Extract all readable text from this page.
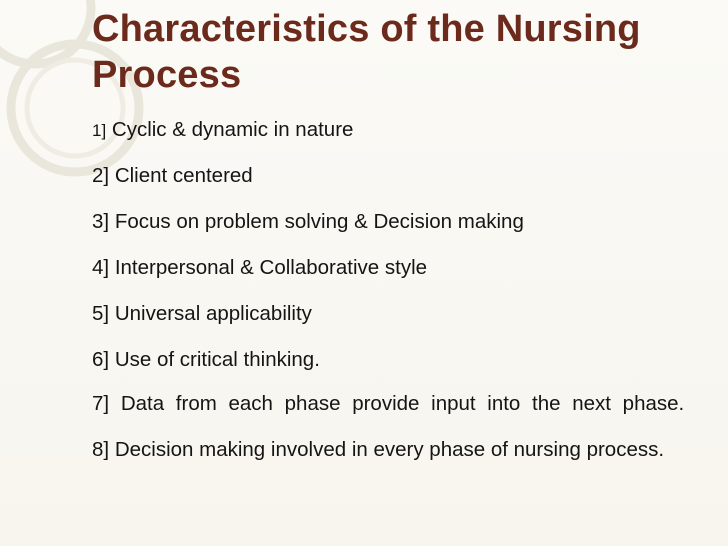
Characteristics of the Nursing Process
1] Cyclic & dynamic in nature
2] Client centered
3] Focus on problem solving & Decision making
4] Interpersonal & Collaborative style
5] Universal applicability
6] Use of critical thinking.
7] Data from each phase provide input into the next phase.
8] Decision making involved in every phase of nursing process.
